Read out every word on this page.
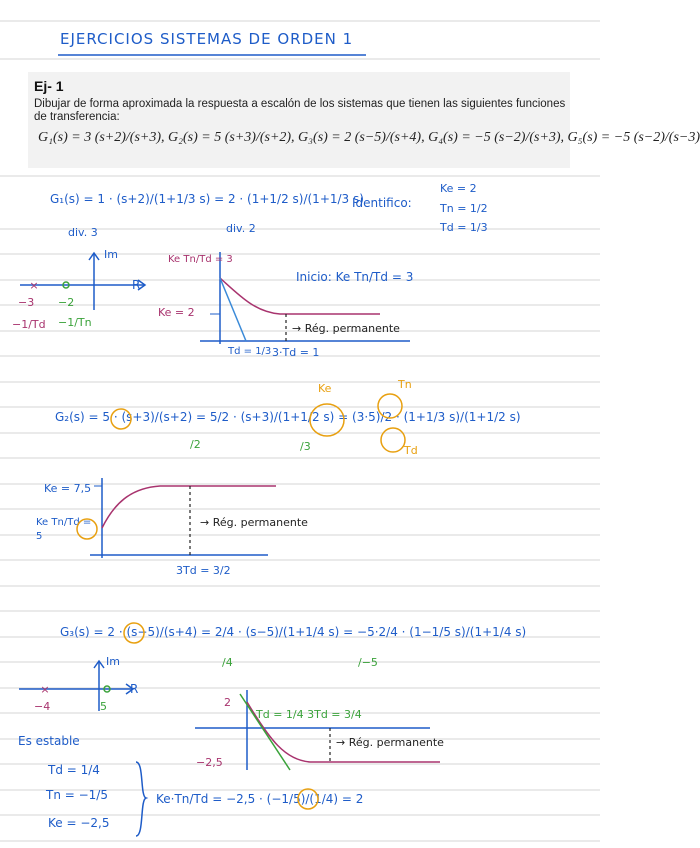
EJERCICIOS SISTEMAS DE ORDEN 1
Ej- 1
Dibujar de forma aproximada la respuesta a escalón de los sistemas que tienen las siguientes funciones de transferencia:
G₁(s) = 3 (s+2)/(s+3), G₂(s) = 5 (s+3)/(s+2), G₃(s) = 2 (s−5)/(s+4), G₄(s) = −5 (s−2)/(s+3), G₅(s) = −5 (s−2)/(s−3)
G₁(s) = 1 · (s+2)/(1+1/3 s) = 2 · (1+1/2 s)/(1+1/3 s)
div. 3	div. 2
Identifico:
Ke = 2
Tn = 1/2
Td = 1/3
×
Im
R
−3 −2
−1/Td −1/Tn
Ke Tn/Td = 3
Ke = 2
Td = 1/3 3·Td = 1
→ Rég. permanente
Inicio: Ke Tn/Td = 3
G₂(s) = 5 · (s+3)/(s+2) = 5/2 · (s+3)/(1+1/2 s) = (3·5)/2 · (1+1/3 s)/(1+1/2 s)
/2	/3
Ke	Tn
Td
Ke = 7,5
Ke Tn/Td = 5
3Td = 3/2
→ Rég. permanente
G₃(s) = 2 · (s−5)/(s+4) = 2/4 · (s−5)/(1+1/4 s) = −5·2/4 · (1−1/5 s)/(1+1/4 s)
/4	/−5
×
Im
R
−4	5
Es estable
2
−2,5
Td = 1/4 3Td = 3/4
→ Rég. permanente
Td = 1/4
Tn = −1/5
Ke = −2,5
Ke·Tn/Td = −2,5 · (−1/5)/(1/4) = 2
